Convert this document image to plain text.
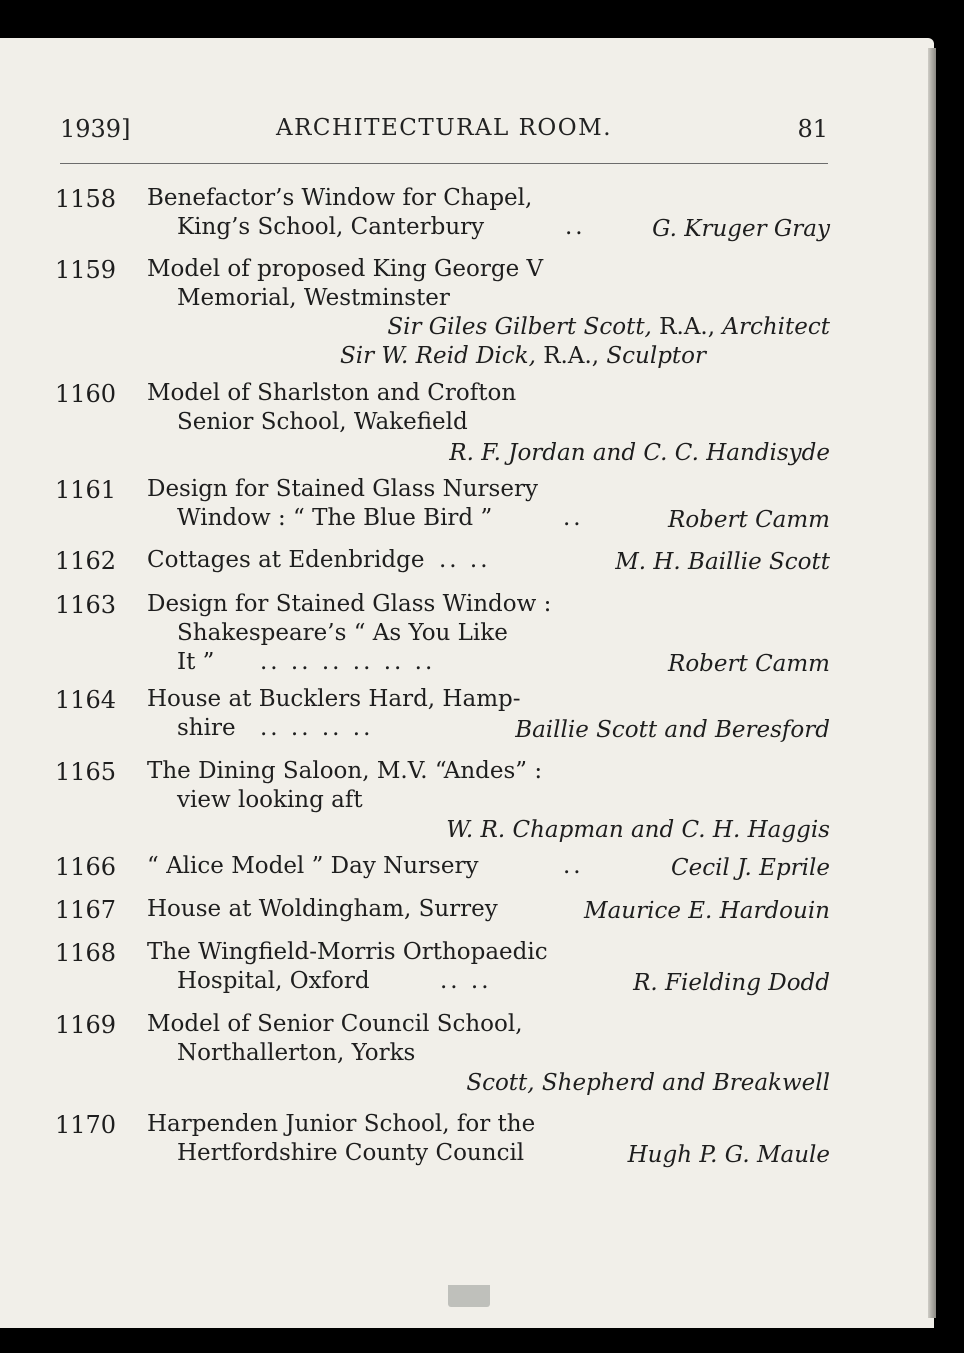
1939]	ARCHITECTURAL ROOM.	81
1158 Benefactor’s Window for Chapel,
King’s School, Canterbury	..	G. Kruger Gray
1159 Model of proposed King George V
Memorial, Westminster
Sir Giles Gilbert Scott, R.A., Architect
Sir W. Reid Dick, R.A., Sculptor
1160 Model of Sharlston and Crofton
Senior School, Wakefield
R. F. Jordan and C. C. Handisyde
1161 Design for Stained Glass Nursery
Window : “ The Blue Bird ”	..	Robert Camm
1162 Cottages at Edenbridge .. ..	M. H. Baillie Scott
1163 Design for Stained Glass Window :
Shakespeare’s “ As You Like
It ” .. .. .. .. .. ..	Robert Camm
1164 House at Bucklers Hard, Hamp-
shire .. .. .. ..	Baillie Scott and Beresford
1165 The Dining Saloon, M.V. “Andes” :
view looking aft
W. R. Chapman and C. H. Haggis
1166 “ Alice Model ” Day Nursery	..	Cecil J. Eprile
1167 House at Woldingham, Surrey	Maurice E. Hardouin
1168 The Wingfield-Morris Orthopaedic
Hospital, Oxford	.. ..	R. Fielding Dodd
1169 Model of Senior Council School,
Northallerton, Yorks
Scott, Shepherd and Breakwell
1170 Harpenden Junior School, for the
Hertfordshire County Council	Hugh P. G. Maule
